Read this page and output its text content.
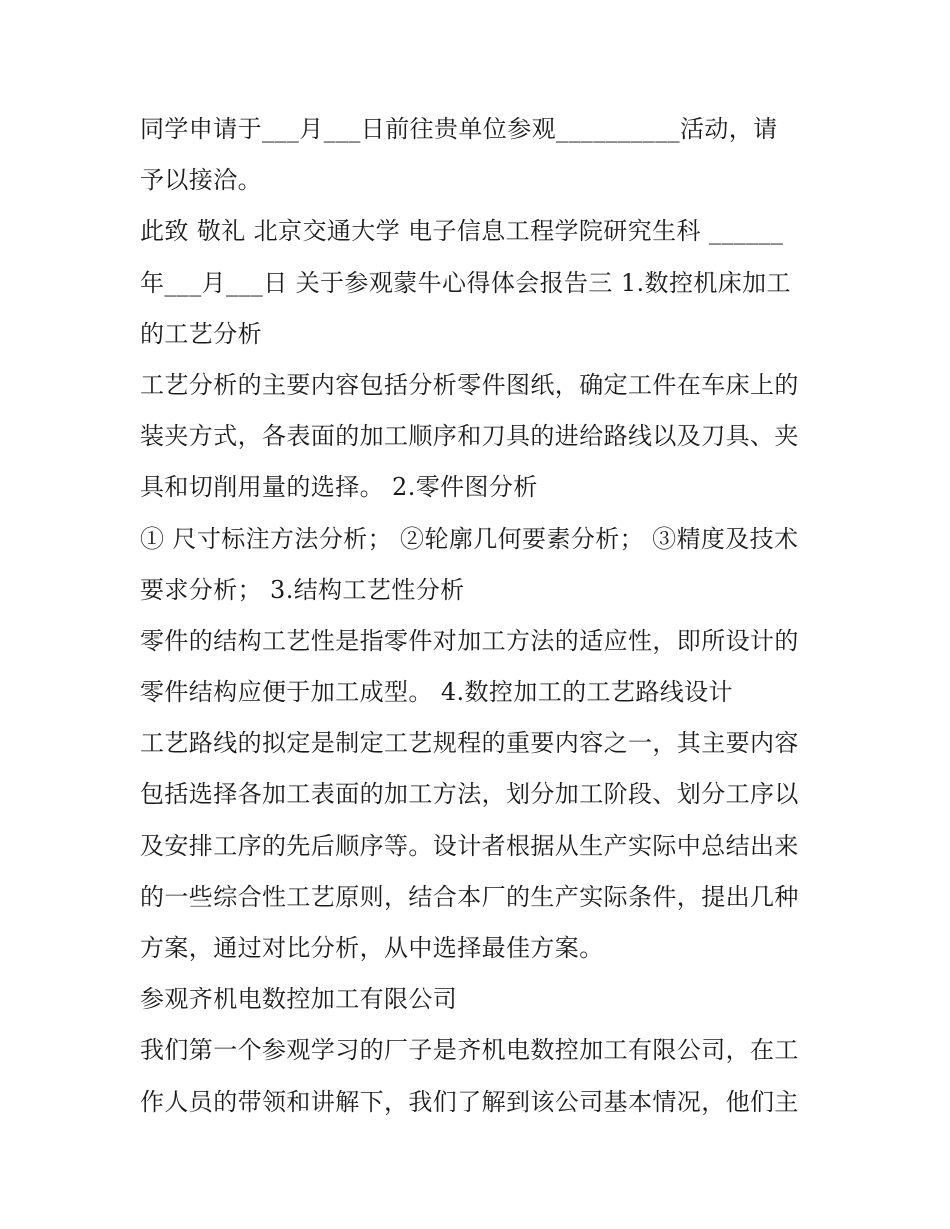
同学申请于___月___日前往贵单位参观__________活动，请
予以接洽。
此致 敬礼 北京交通大学 电子信息工程学院研究生科 ______
年___月___日 关于参观蒙牛心得体会报告三 1.数控机床加工
的工艺分析
工艺分析的主要内容包括分析零件图纸，确定工件在车床上的
装夹方式，各表面的加工顺序和刀具的进给路线以及刀具、夹
具和切削用量的选择。 2.零件图分析
① 尺寸标注方法分析； ②轮廓几何要素分析； ③精度及技术
要求分析； 3.结构工艺性分析
零件的结构工艺性是指零件对加工方法的适应性，即所设计的
零件结构应便于加工成型。 4.数控加工的工艺路线设计
工艺路线的拟定是制定工艺规程的重要内容之一，其主要内容
包括选择各加工表面的加工方法，划分加工阶段、划分工序以
及安排工序的先后顺序等。设计者根据从生产实际中总结出来
的一些综合性工艺原则，结合本厂的生产实际条件，提出几种
方案，通过对比分析，从中选择最佳方案。
参观齐机电数控加工有限公司
我们第一个参观学习的厂子是齐机电数控加工有限公司，在工
作人员的带领和讲解下，我们了解到该公司基本情况，他们主
